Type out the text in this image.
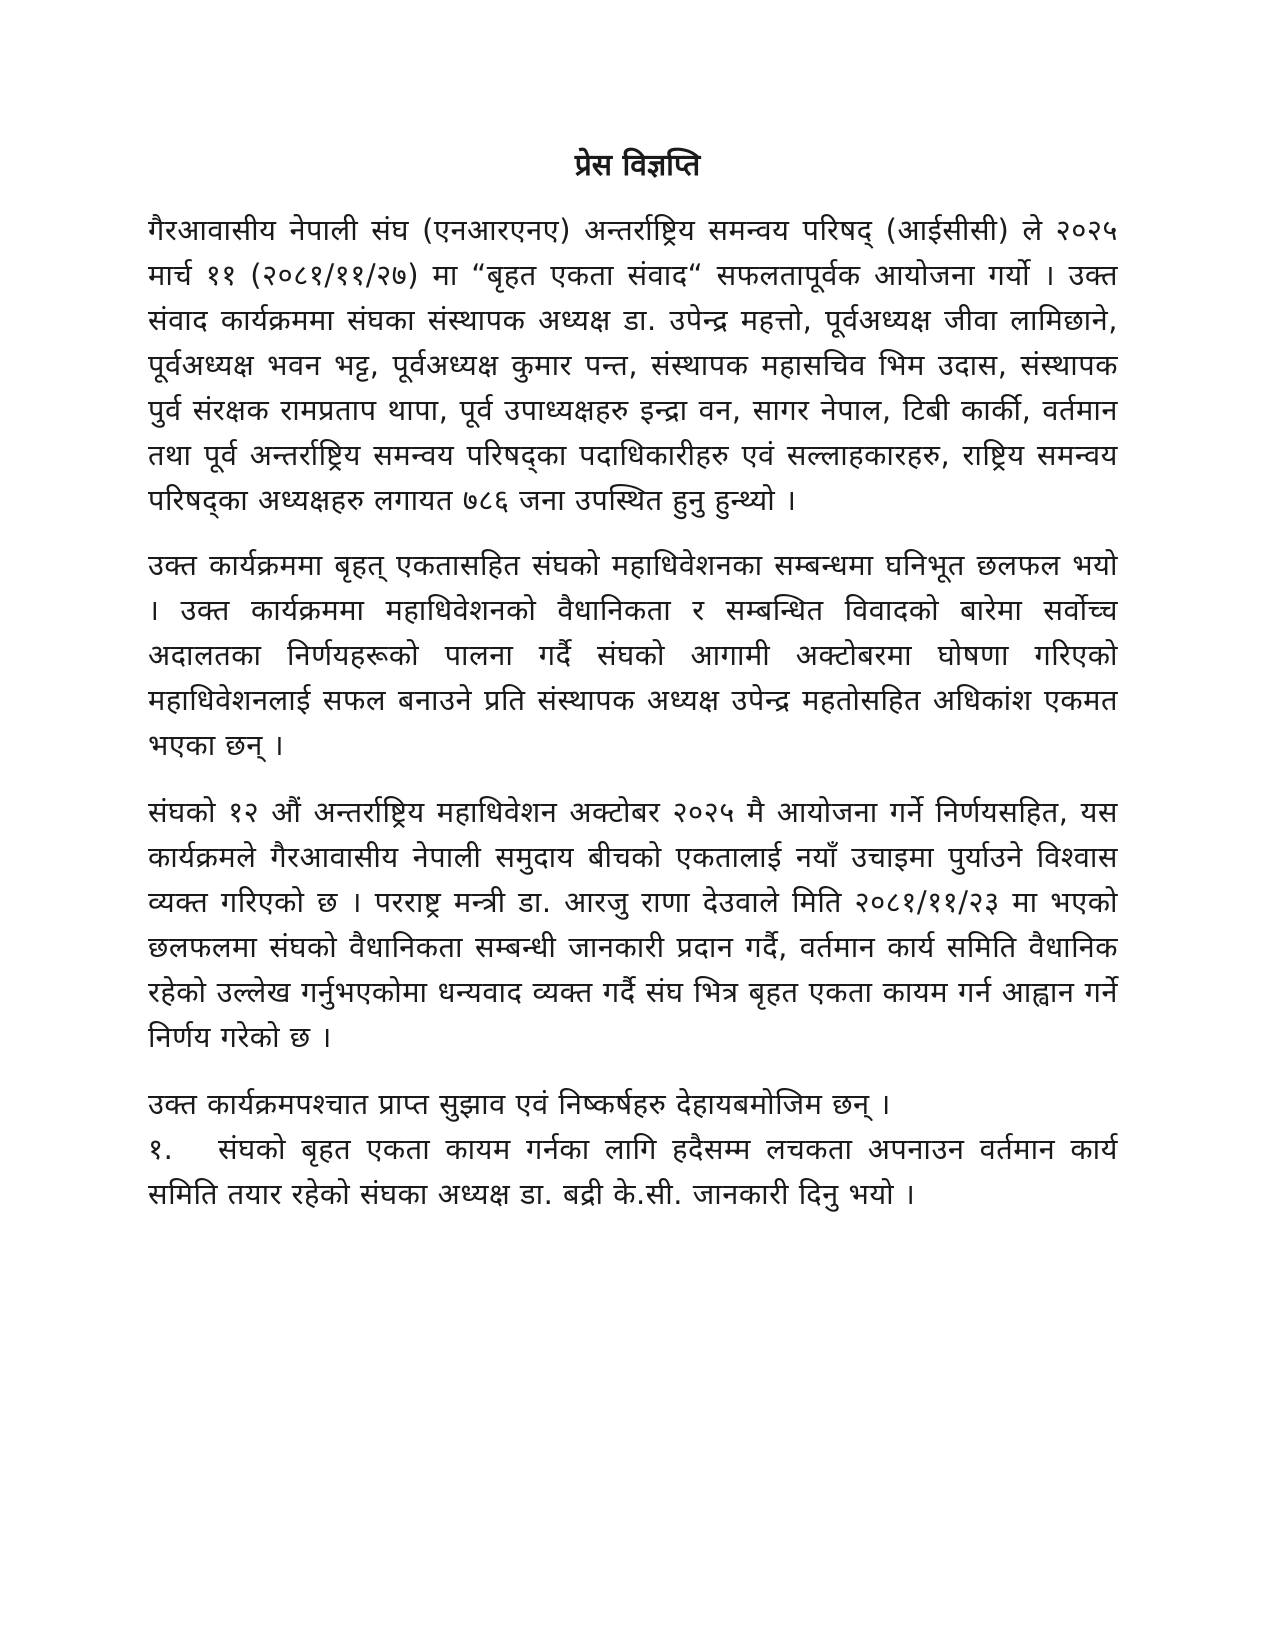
प्रेस विज्ञप्ति

गैरआवासीय नेपाली संघ (एनआरएनए) अन्तर्राष्ट्रिय समन्वय परिषद् (आईसीसी) ले २०२५ मार्च ११ (२०८१/११/२७) मा “बृहत एकता संवाद“ सफलतापूर्वक आयोजना गर्यो । उक्त संवाद कार्यक्रममा संघका संस्थापक अध्यक्ष डा. उपेन्द्र महत्तो, पूर्वअध्यक्ष जीवा लामिछाने, पूर्वअध्यक्ष भवन भट्ट, पूर्वअध्यक्ष कुमार पन्त, संस्थापक महासचिव भिम उदास, संस्थापक पुर्व संरक्षक रामप्रताप थापा, पूर्व उपाध्यक्षहरु इन्द्रा वन, सागर नेपाल, टिबी कार्की, वर्तमान तथा पूर्व अन्तर्राष्ट्रिय समन्वय परिषद्का पदाधिकारीहरु एवं सल्लाहकारहरु, राष्ट्रिय समन्वय परिषद्का अध्यक्षहरु लगायत ७८६ जना उपस्थित हुनु हुन्थ्यो ।

उक्त कार्यक्रममा बृहत् एकतासहित संघको महाधिवेशनका सम्बन्धमा घनिभूत छलफल भयो । उक्त कार्यक्रममा महाधिवेशनको वैधानिकता र सम्बन्धित विवादको बारेमा सर्वोच्च अदालतका निर्णयहरूको पालना गर्दै संघको आगामी अक्टोबरमा घोषणा गरिएको महाधिवेशनलाई सफल बनाउने प्रति संस्थापक अध्यक्ष उपेन्द्र महतोसहित अधिकांश एकमत भएका छन् ।

संघको १२ औं अन्तर्राष्ट्रिय महाधिवेशन अक्टोबर २०२५ मै आयोजना गर्ने निर्णयसहित, यस कार्यक्रमले गैरआवासीय नेपाली समुदाय बीचको एकतालाई नयाँ उचाइमा पुर्याउने विश्वास व्यक्त गरिएको छ । परराष्ट्र मन्त्री डा. आरजु राणा देउवाले मिति २०८१/११/२३ मा भएको छलफलमा संघको वैधानिकता सम्बन्धी जानकारी प्रदान गर्दै, वर्तमान कार्य समिति वैधानिक रहेको उल्लेख गर्नुभएकोमा धन्यवाद व्यक्त गर्दै संघ भित्र बृहत एकता कायम गर्न आह्वान गर्ने निर्णय गरेको छ ।

उक्त कार्यक्रमपश्चात प्राप्त सुझाव एवं निष्कर्षहरु देहायबमोजिम छन् ।

१. संघको बृहत एकता कायम गर्नका लागि हदैसम्म लचकता अपनाउन वर्तमान कार्य समिति तयार रहेको संघका अध्यक्ष डा. बद्री के.सी. जानकारी दिनु भयो ।
